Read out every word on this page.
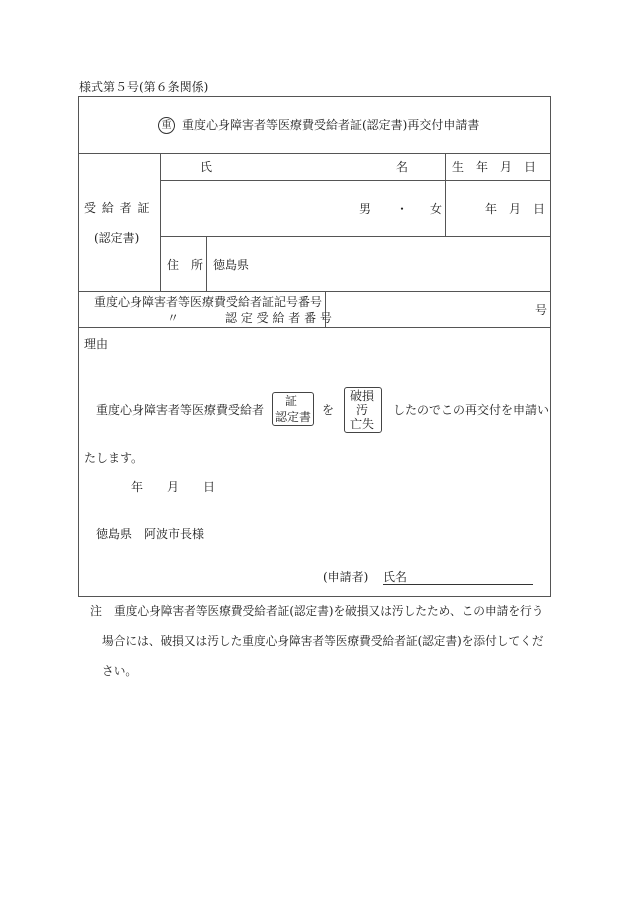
様式第５号(第６条関係)
重 重度心身障害者等医療費受給者証(認定書)再交付申請書
受 給 者 証
(認定書)
氏	名	生　年　月　日
男 ・ 女	年　月　日
住　所 徳島県
重度心身障害者等医療費受給者証記号番号
〃	認 定 受 給 者 番 号
号
理由
重度心身障害者等医療費受給者
証
認定書 を
破損
汚
亡失
したのでこの再交付を申請い
たします。
年 月 日
徳島県　阿波市長様
(申請者) 氏名
注 重度心身障害者等医療費受給者証(認定書)を破損又は汚したため、この申請を行う
場合には、破損又は汚した重度心身障害者等医療費受給者証(認定書)を添付してくだ
さい。
